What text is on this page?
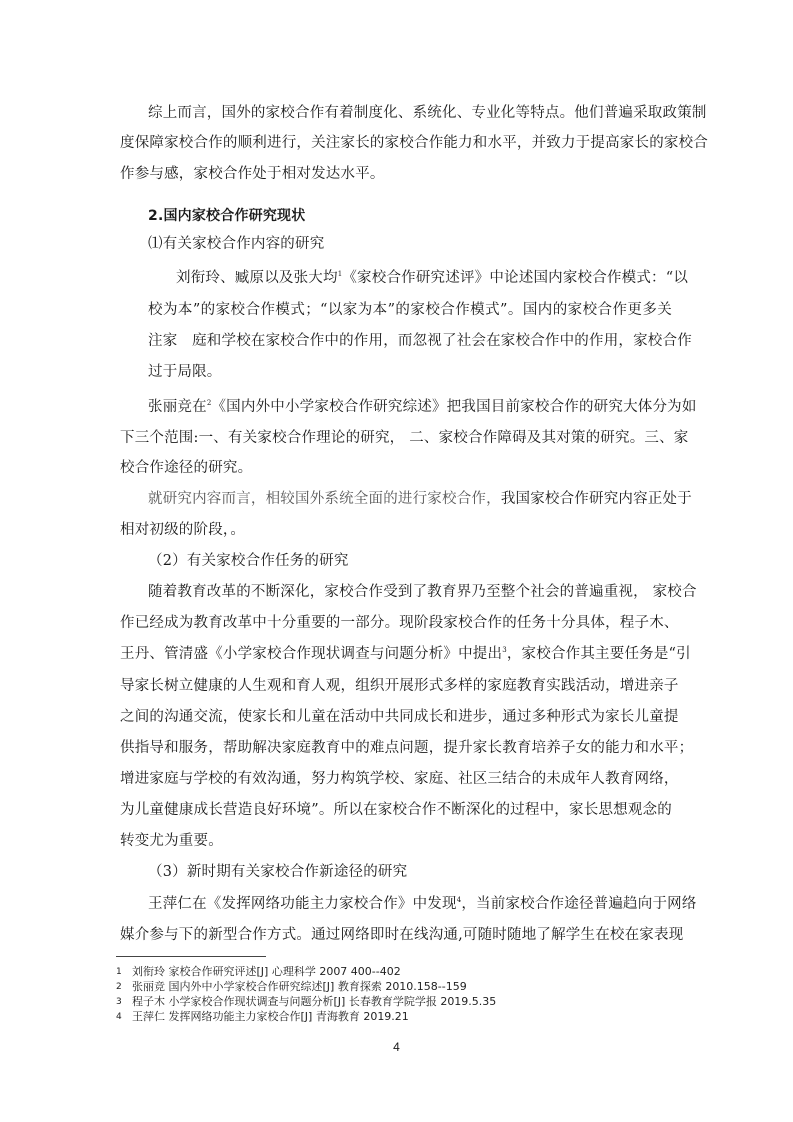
综上而言，国外的家校合作有着制度化、系统化、专业化等特点。他们普遍采取政策制
度保障家校合作的顺利进行，关注家长的家校合作能力和水平，并致力于提高家长的家校合
作参与感，家校合作处于相对发达水平。
2.国内家校合作研究现状
⑴有关家校合作内容的研究
刘衔玲、臧原以及张大均$^1$《家校合作研究述评》中论述国内家校合作模式：“以
校为本”的家校合作模式；“以家为本”的家校合作模式”。国内的家校合作更多关
注家　庭和学校在家校合作中的作用，而忽视了社会在家校合作中的作用，家校合作
过于局限。
张丽竞在$^2$《国内外中小学家校合作研究综述》把我国目前家校合作的研究大体分为如
下三个范围:一、有关家校合作理论的研究， 二、家校合作障碍及其对策的研究。三、家
校合作途径的研究。
就研究内容而言，相较国外系统全面的进行家校合作，我国家校合作研究内容正处于
相对初级的阶段，。
（2）有关家校合作任务的研究
随着教育改革的不断深化，家校合作受到了教育界乃至整个社会的普遍重视， 家校合
作已经成为教育改革中十分重要的一部分。现阶段家校合作的任务十分具体，程子木、
王丹、管清盛《小学家校合作现状调查与问题分析》中提出$^3$，家校合作其主要任务是“引
导家长树立健康的人生观和育人观，组织开展形式多样的家庭教育实践活动，增进亲子
之间的沟通交流，使家长和儿童在活动中共同成长和进步，通过多种形式为家长儿童提
供指导和服务，帮助解决家庭教育中的难点问题，提升家长教育培养子女的能力和水平；
增进家庭与学校的有效沟通，努力构筑学校、家庭、社区三结合的未成年人教育网络，
为儿童健康成长营造良好环境”。所以在家校合作不断深化的过程中，家长思想观念的
转变尤为重要。
（3）新时期有关家校合作新途径的研究
王萍仁在《发挥网络功能主力家校合作》中发现$^4$，当前家校合作途径普遍趋向于网络
媒介参与下的新型合作方式。通过网络即时在线沟通,可随时随地了解学生在校在家表现
1 刘衔玲 家校合作研究评述[J] 心理科学 2007 400--402
2 张丽竞 国内外中小学家校合作研究综述[J] 教育探索 2010.158--159
3 程子木 小学家校合作现状调查与问题分析[J] 长春教育学院学报 2019.5.35
4 王萍仁 发挥网络功能主力家校合作[J] 青海教育 2019.21
4
